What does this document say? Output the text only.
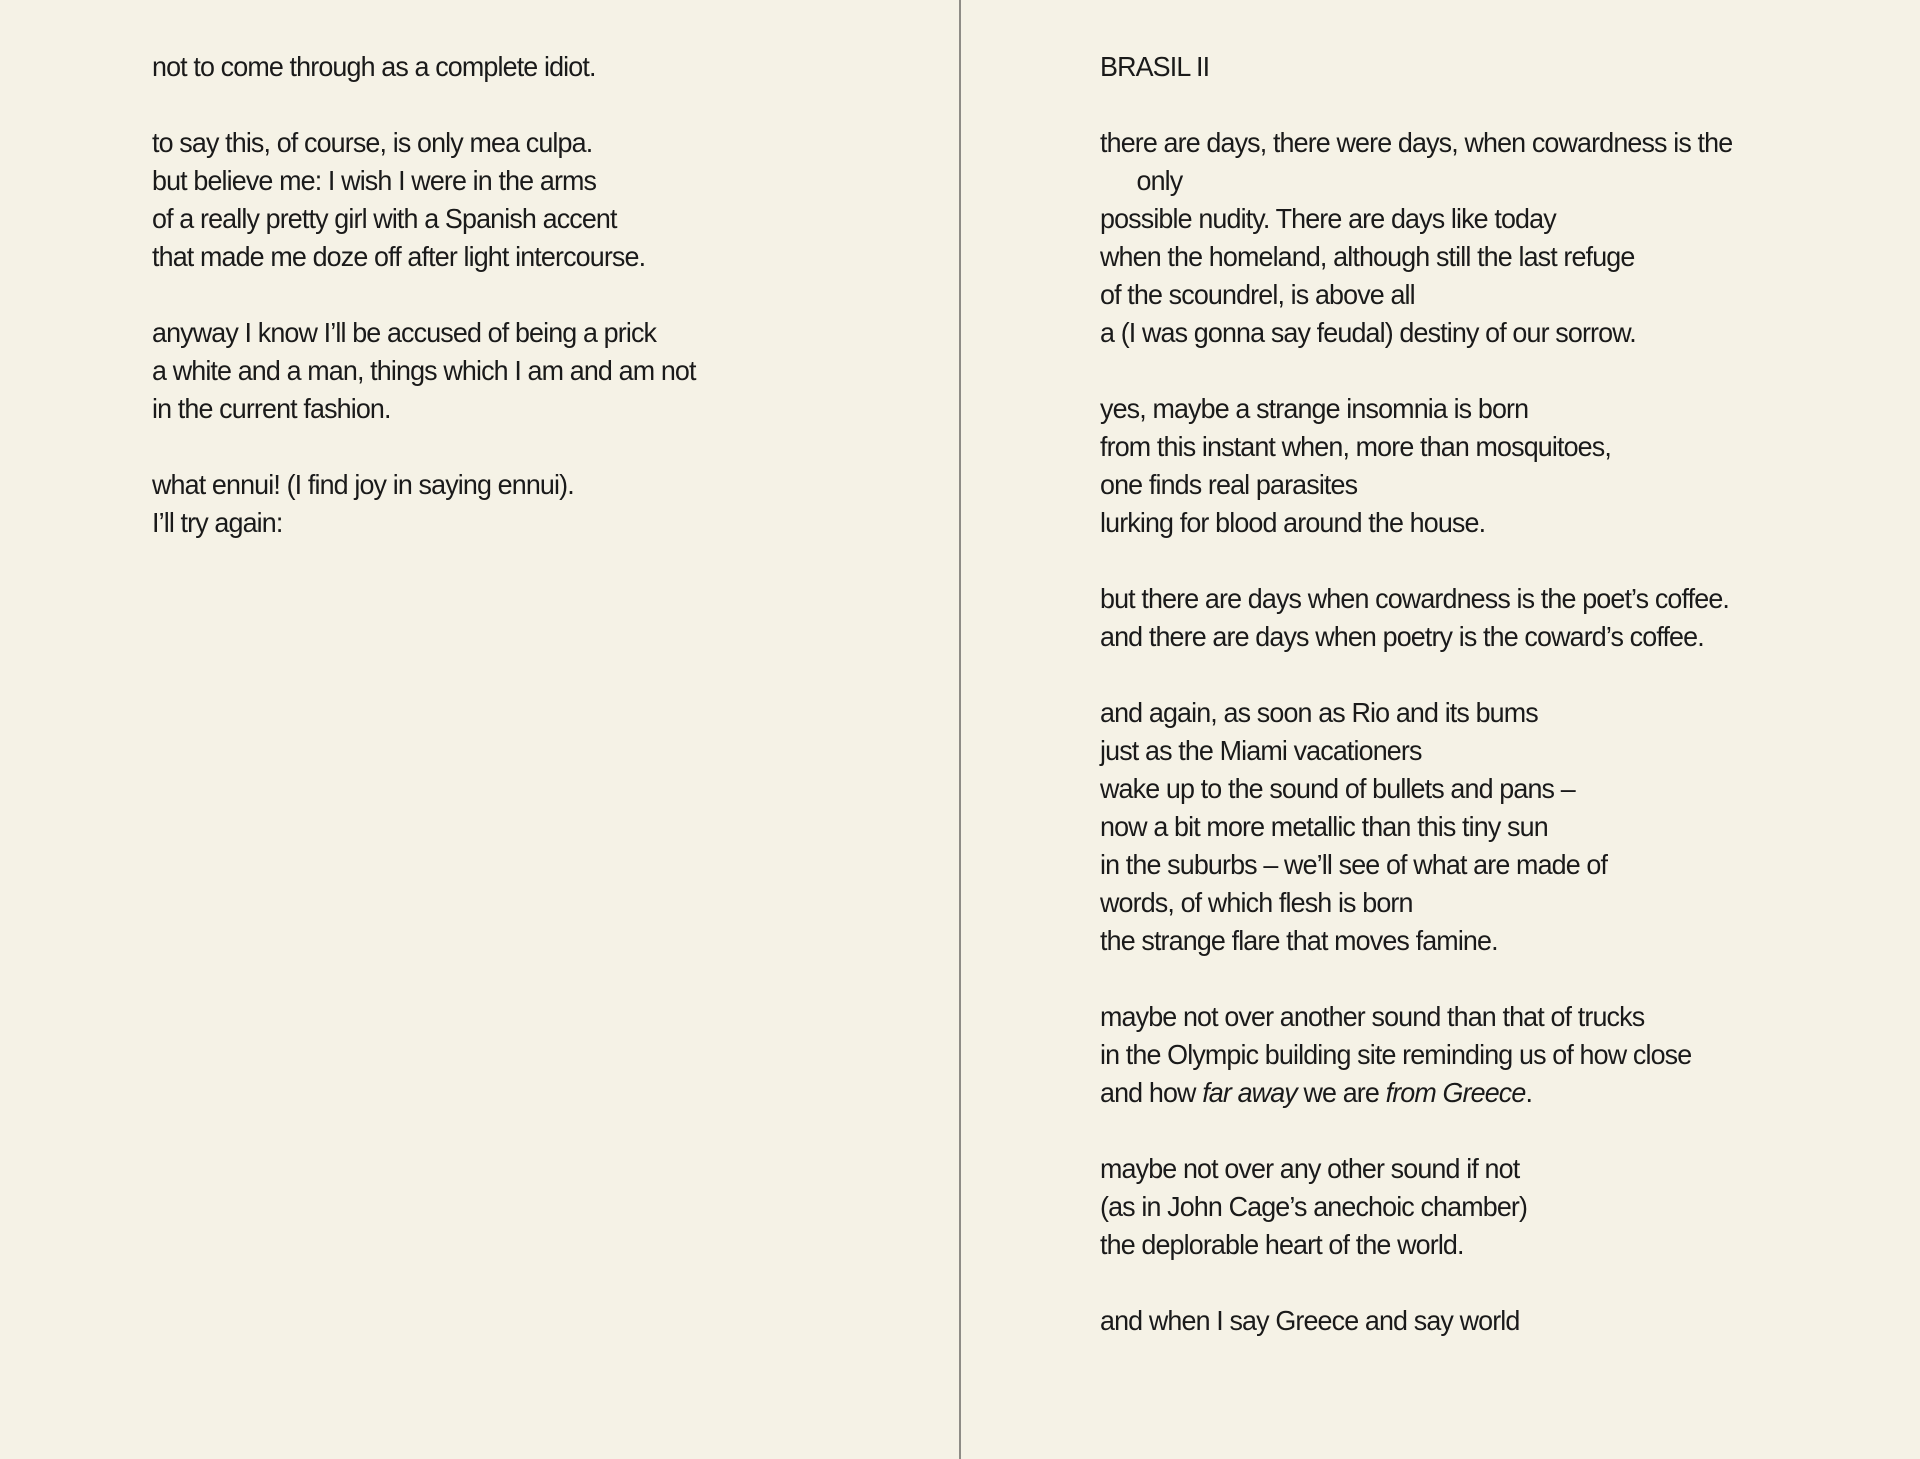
not to come through as a complete idiot.
to say this, of course, is only mea culpa.
but believe me: I wish I were in the arms
of a really pretty girl with a Spanish accent
that made me doze off after light intercourse.
anyway I know I’ll be accused of being a prick
a white and a man, things which I am and am not
in the current fashion.
what ennui! (I find joy in saying ennui).
I’ll try again:
BRASIL II
there are days, there were days, when cowardness is the
only
possible nudity. There are days like today
when the homeland, although still the last refuge
of the scoundrel, is above all
a (I was gonna say feudal) destiny of our sorrow.
yes, maybe a strange insomnia is born
from this instant when, more than mosquitoes,
one finds real parasites
lurking for blood around the house.
but there are days when cowardness is the poet’s coffee.
and there are days when poetry is the coward’s coffee.
and again, as soon as Rio and its bums
just as the Miami vacationers
wake up to the sound of bullets and pans –
now a bit more metallic than this tiny sun
in the suburbs – we’ll see of what are made of
words, of which flesh is born
the strange flare that moves famine.
maybe not over another sound than that of trucks
in the Olympic building site reminding us of how close
and how far away we are from Greece.
maybe not over any other sound if not
(as in John Cage’s anechoic chamber)
the deplorable heart of the world.
and when I say Greece and say world
